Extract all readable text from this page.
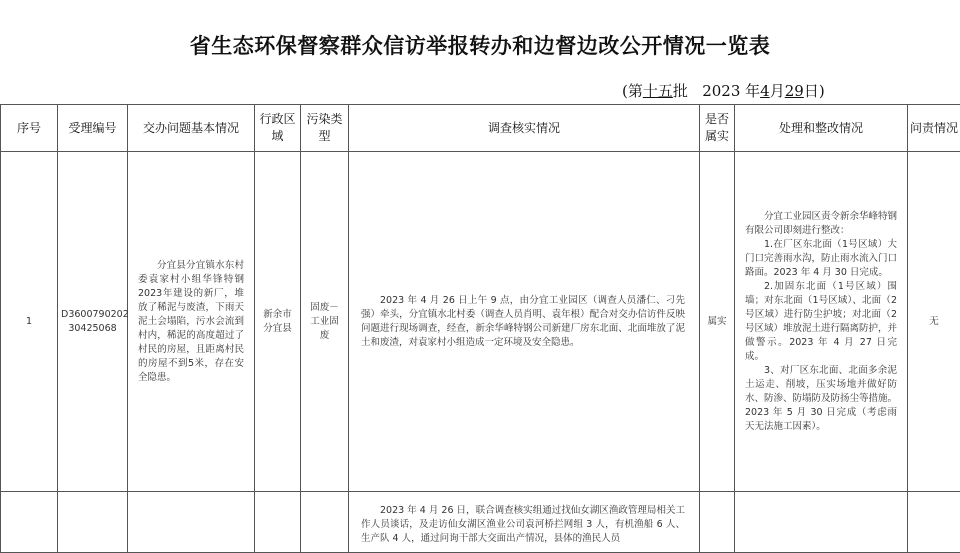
省生态环保督察群众信访举报转办和边督边改公开情况一览表
(第十五批 2023 年4月29日)
序号	受理编号	交办问题基本情况	行政区域	污染类型	调查核实情况	是否属实	处理和整改情况	问责情况
1	D3600790202 30425068	分宜县分宜镇水东村委袁家村小组华锋特钢2023年建设的新厂，堆放了稀泥与废渣，下雨天泥土会塌陷，污水会流到村内，稀泥的高度超过了村民的房屋，且距离村民的房屋不到5米，存在安全隐患。	新余市分宜县	固废－工业固废	2023 年 4 月 26 日上午 9 点，由分宜工业园区（调查人员潘仁、刁先强）牵头，分宜镇水北村委（调查人员肖明、袁年根）配合对交办信访件反映问题进行现场调查，经查，新余华峰特钢公司新建厂房东北面、北面堆放了泥土和废渣，对袁家村小组造成一定环境及安全隐患。	属实	分宜工业园区责令新余华峰特钢有限公司即刻进行整改：
1.在厂区东北面（1号区域）大门口完善雨水沟，防止雨水流入门口路面。2023 年 4 月 30 日完成。
2.加固东北面（1号区域）围墙；对东北面（1号区域）、北面（2号区域）进行防尘护坡；对北面（2号区域）堆放泥土进行隔离防护，并做警示。2023 年 4 月 27 日完成。
3、对厂区东北面、北面多余泥土运走、削坡，压实场地并做好防水、防渗、防塌防及防扬尘等措施。2023 年 5 月 30 日完成（考虑雨天无法施工因素）。	无

					2023 年 4 月 26 日，联合调查核实组通过找仙女湖区渔政管理局相关工作人员谈话，及走访仙女湖区渔业公司袁河桥拦网组 3 人，有机渔船 6 人、生产队 4 人，通过问询干部大交面出产情况，县体的渔民人员			
